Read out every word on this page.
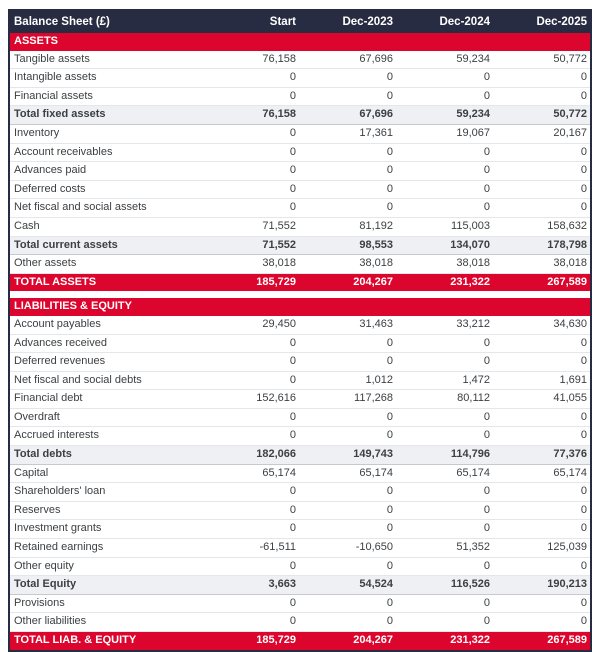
Balance Sheet (£)	Start	Dec-2023	Dec-2024	Dec-2025
ASSETS				
Tangible assets	76,158	67,696	59,234	50,772
Intangible assets	0	0	0	0
Financial assets	0	0	0	0
Total fixed assets	76,158	67,696	59,234	50,772
Inventory	0	17,361	19,067	20,167
Account receivables	0	0	0	0
Advances paid	0	0	0	0
Deferred costs	0	0	0	0
Net fiscal and social assets	0	0	0	0
Cash	71,552	81,192	115,003	158,632
Total current assets	71,552	98,553	134,070	178,798
Other assets	38,018	38,018	38,018	38,018
TOTAL ASSETS	185,729	204,267	231,322	267,589

LIABILITIES & EQUITY				
Account payables	29,450	31,463	33,212	34,630
Advances received	0	0	0	0
Deferred revenues	0	0	0	0
Net fiscal and social debts	0	1,012	1,472	1,691
Financial debt	152,616	117,268	80,112	41,055
Overdraft	0	0	0	0
Accrued interests	0	0	0	0
Total debts	182,066	149,743	114,796	77,376
Capital	65,174	65,174	65,174	65,174
Shareholders' loan	0	0	0	0
Reserves	0	0	0	0
Investment grants	0	0	0	0
Retained earnings	-61,511	-10,650	51,352	125,039
Other equity	0	0	0	0
Total Equity	3,663	54,524	116,526	190,213
Provisions	0	0	0	0
Other liabilities	0	0	0	0
TOTAL LIAB. & EQUITY	185,729	204,267	231,322	267,589
